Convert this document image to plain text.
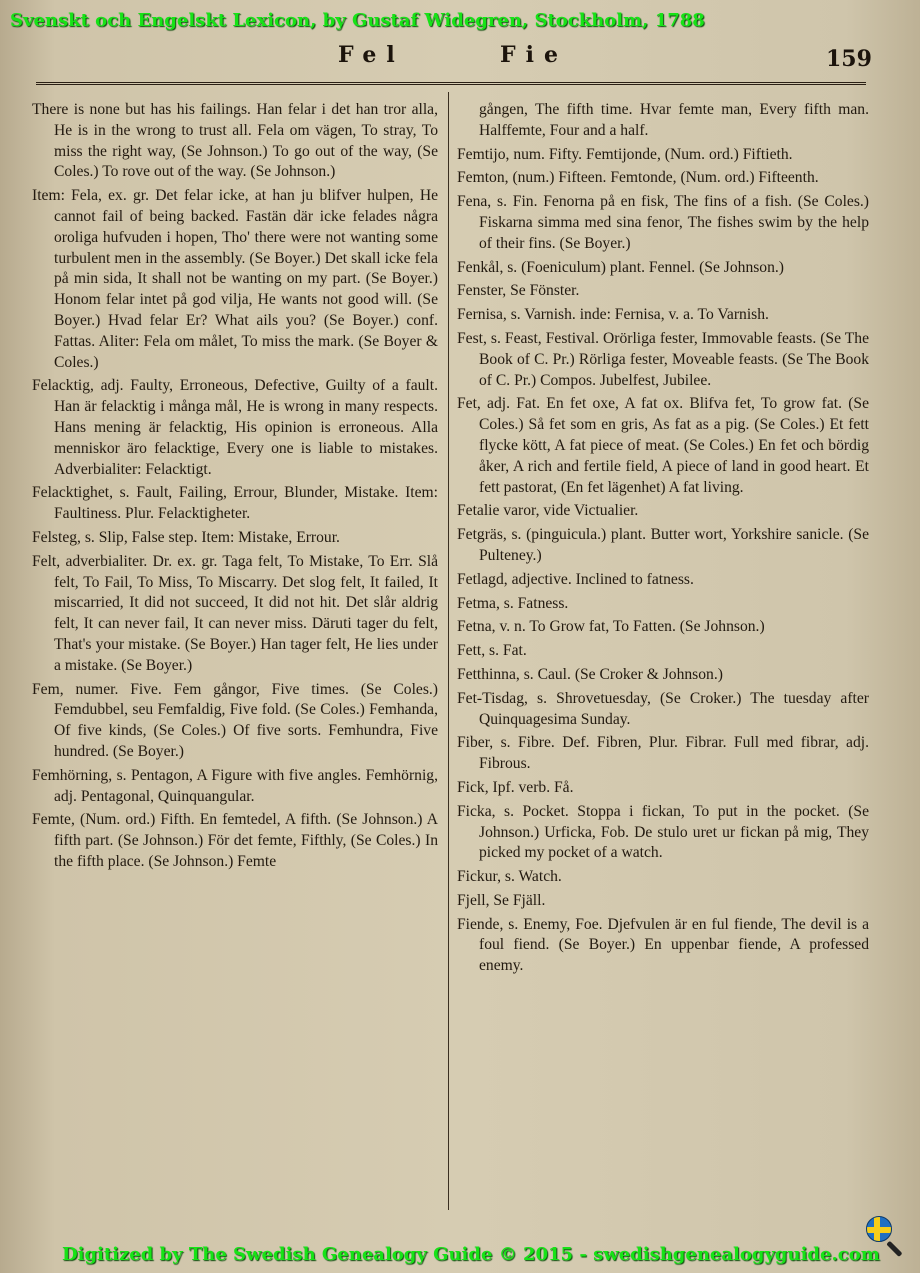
Svenskt och Engelskt Lexicon, by Gustaf Widegren, Stockholm, 1788
Fel	Fie	159

There is none but has his failings. Han felar i det han tror alla, He is in the wrong to trust all. Fela om vägen, To stray, To miss the right way, (Se Johnson.) To go out of the way, (Se Coles.) To rove out of the way. (Se Johnson.)

Item: Fela, ex. gr. Det felar icke, at han ju blifver hulpen, He cannot fail of being backed. Fastän där icke felades några oroliga hufvuden i hopen, Tho' there were not wanting some turbulent men in the assembly. (Se Boyer.) Det skall icke fela på min sida, It shall not be wanting on my part. (Se Boyer.) Honom felar intet på god vilja, He wants not good will. (Se Boyer.) Hvad felar Er? What ails you? (Se Boyer.) conf. Fattas. Aliter: Fela om målet, To miss the mark. (Se Boyer & Coles.)

Felacktig, adj. Faulty, Erroneous, Defective, Guilty of a fault. Han är felacktig i många mål, He is wrong in many respects. Hans mening är felacktig, His opinion is erroneous. Alla menniskor äro felacktige, Every one is liable to mistakes. Adverbialiter: Felacktigt.

Felacktighet, s. Fault, Failing, Errour, Blunder, Mistake. Item: Faultiness. Plur. Felacktigheter.

Felsteg, s. Slip, False step. Item: Mistake, Errour.

Felt, adverbialiter. Dr. ex. gr. Taga felt, To Mistake, To Err. Slå felt, To Fail, To Miss, To Miscarry. Det slog felt, It failed, It miscarried, It did not succeed, It did not hit. Det slår aldrig felt, It can never fail, It can never miss. Däruti tager du felt, That's your mistake. (Se Boyer.) Han tager felt, He lies under a mistake. (Se Boyer.)

Fem, numer. Five. Fem gångor, Five times. (Se Coles.) Femdubbel, seu Femfaldig, Five fold. (Se Coles.) Femhanda, Of five kinds, (Se Coles.) Of five sorts. Femhundra, Five hundred. (Se Boyer.)

Femhörning, s. Pentagon, A Figure with five angles. Femhörnig, adj. Pentagonal, Quinquangular.

Femte, (Num. ord.) Fifth. En femtedel, A fifth. (Se Johnson.) A fifth part. (Se Johnson.) För det femte, Fifthly, (Se Coles.) In the fifth place. (Se Johnson.) Femte

gången, The fifth time. Hvar femte man, Every fifth man. Halffemte, Four and a half.

Femtijo, num. Fifty. Femtijonde, (Num. ord.) Fiftieth.

Femton, (num.) Fifteen. Femtonde, (Num. ord.) Fifteenth.

Fena, s. Fin. Fenorna på en fisk, The fins of a fish. (Se Coles.) Fiskarna simma med sina fenor, The fishes swim by the help of their fins. (Se Boyer.)

Fenkål, s. (Foeniculum) plant. Fennel. (Se Johnson.)

Fenster, Se Fönster.

Fernisa, s. Varnish. inde: Fernisa, v. a. To Varnish.

Fest, s. Feast, Festival. Orörliga fester, Immovable feasts. (Se The Book of C. Pr.) Rörliga fester, Moveable feasts. (Se The Book of C. Pr.) Compos. Jubelfest, Jubilee.

Fet, adj. Fat. En fet oxe, A fat ox. Blifva fet, To grow fat. (Se Coles.) Så fet som en gris, As fat as a pig. (Se Coles.) Et fett flycke kött, A fat piece of meat. (Se Coles.) En fet och bördig åker, A rich and fertile field, A piece of land in good heart. Et fett pastorat, (En fet lägenhet) A fat living.

Fetalie varor, vide Victualier.

Fetgräs, s. (pinguicula.) plant. Butter wort, Yorkshire sanicle. (Se Pulteney.)

Fetlagd, adjective. Inclined to fatness.

Fetma, s. Fatness.

Fetna, v. n. To Grow fat, To Fatten. (Se Johnson.)

Fett, s. Fat.

Fetthinna, s. Caul. (Se Croker & Johnson.)

Fet-Tisdag, s. Shrovetuesday, (Se Croker.) The tuesday after Quinquagesima Sunday.

Fiber, s. Fibre. Def. Fibren, Plur. Fibrar. Full med fibrar, adj. Fibrous.

Fick, Ipf. verb. Få.

Ficka, s. Pocket. Stoppa i fickan, To put in the pocket. (Se Johnson.) Urficka, Fob. De stulo uret ur fickan på mig, They picked my pocket of a watch.

Fickur, s. Watch.

Fjell, Se Fjäll.

Fiende, s. Enemy, Foe. Djefvulen är en ful fiende, The devil is a foul fiend. (Se Boyer.) En uppenbar fiende, A professed enemy.

Digitized by The Swedish Genealogy Guide © 2015 - swedishgenealogyguide.com
